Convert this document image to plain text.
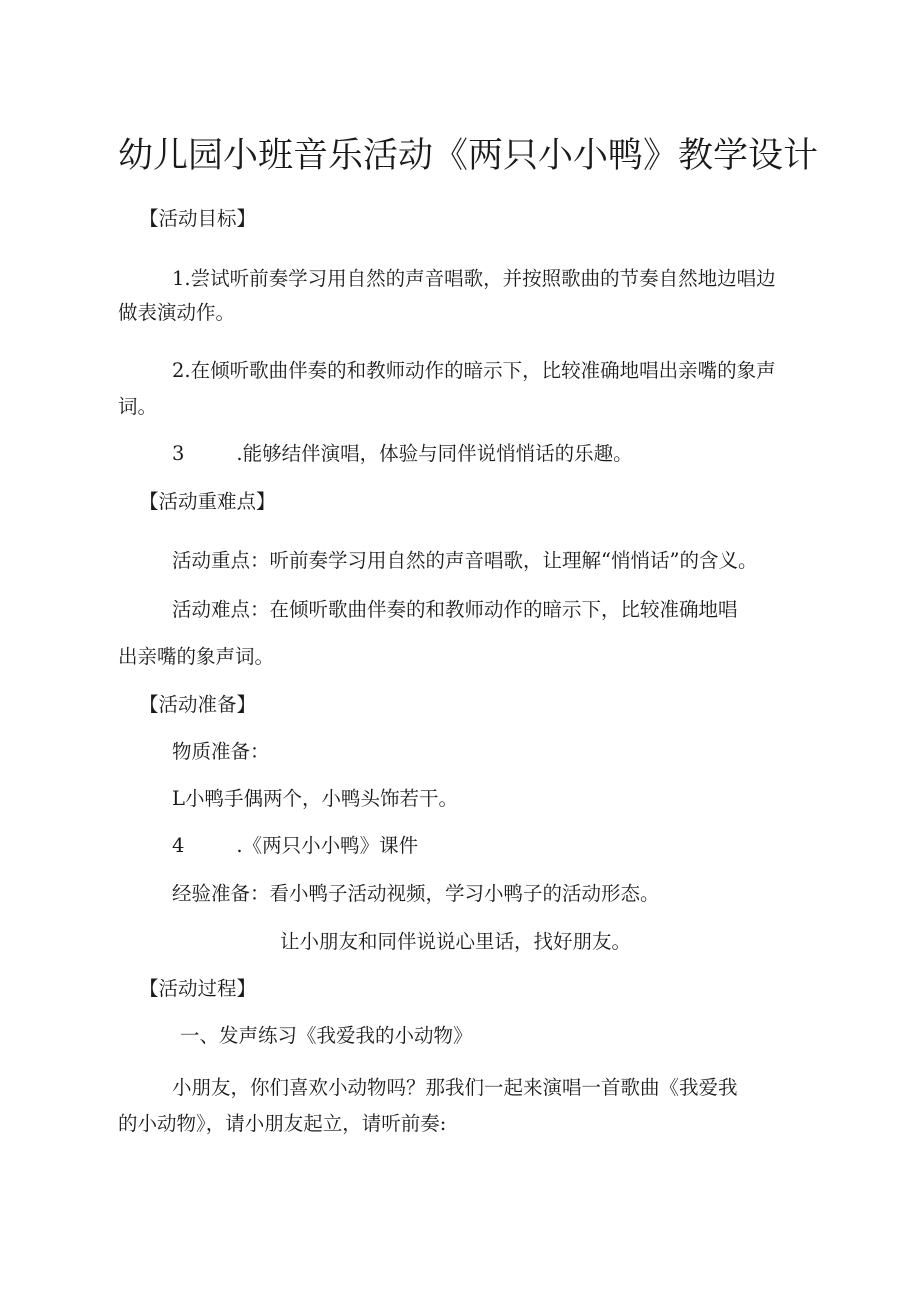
幼儿园小班音乐活动《两只小小鸭》教学设计
【活动目标】
1.尝试听前奏学习用自然的声音唱歌，并按照歌曲的节奏自然地边唱边
做表演动作。
2.在倾听歌曲伴奏的和教师动作的暗示下，比较准确地唱出亲嘴的象声
词。
3	.能够结伴演唱，体验与同伴说悄悄话的乐趣。
【活动重难点】
活动重点：听前奏学习用自然的声音唱歌，让理解“悄悄话”的含义。
活动难点：在倾听歌曲伴奏的和教师动作的暗示下，比较准确地唱
出亲嘴的象声词。
【活动准备】
物质准备：
L小鸭手偶两个，小鸭头饰若干。
4	.《两只小小鸭》课件
经验准备：看小鸭子活动视频，学习小鸭子的活动形态。
让小朋友和同伴说说心里话，找好朋友。
【活动过程】
一、发声练习《我爱我的小动物》
小朋友，你们喜欢小动物吗？那我们一起来演唱一首歌曲《我爱我
的小动物》，请小朋友起立，请听前奏:
